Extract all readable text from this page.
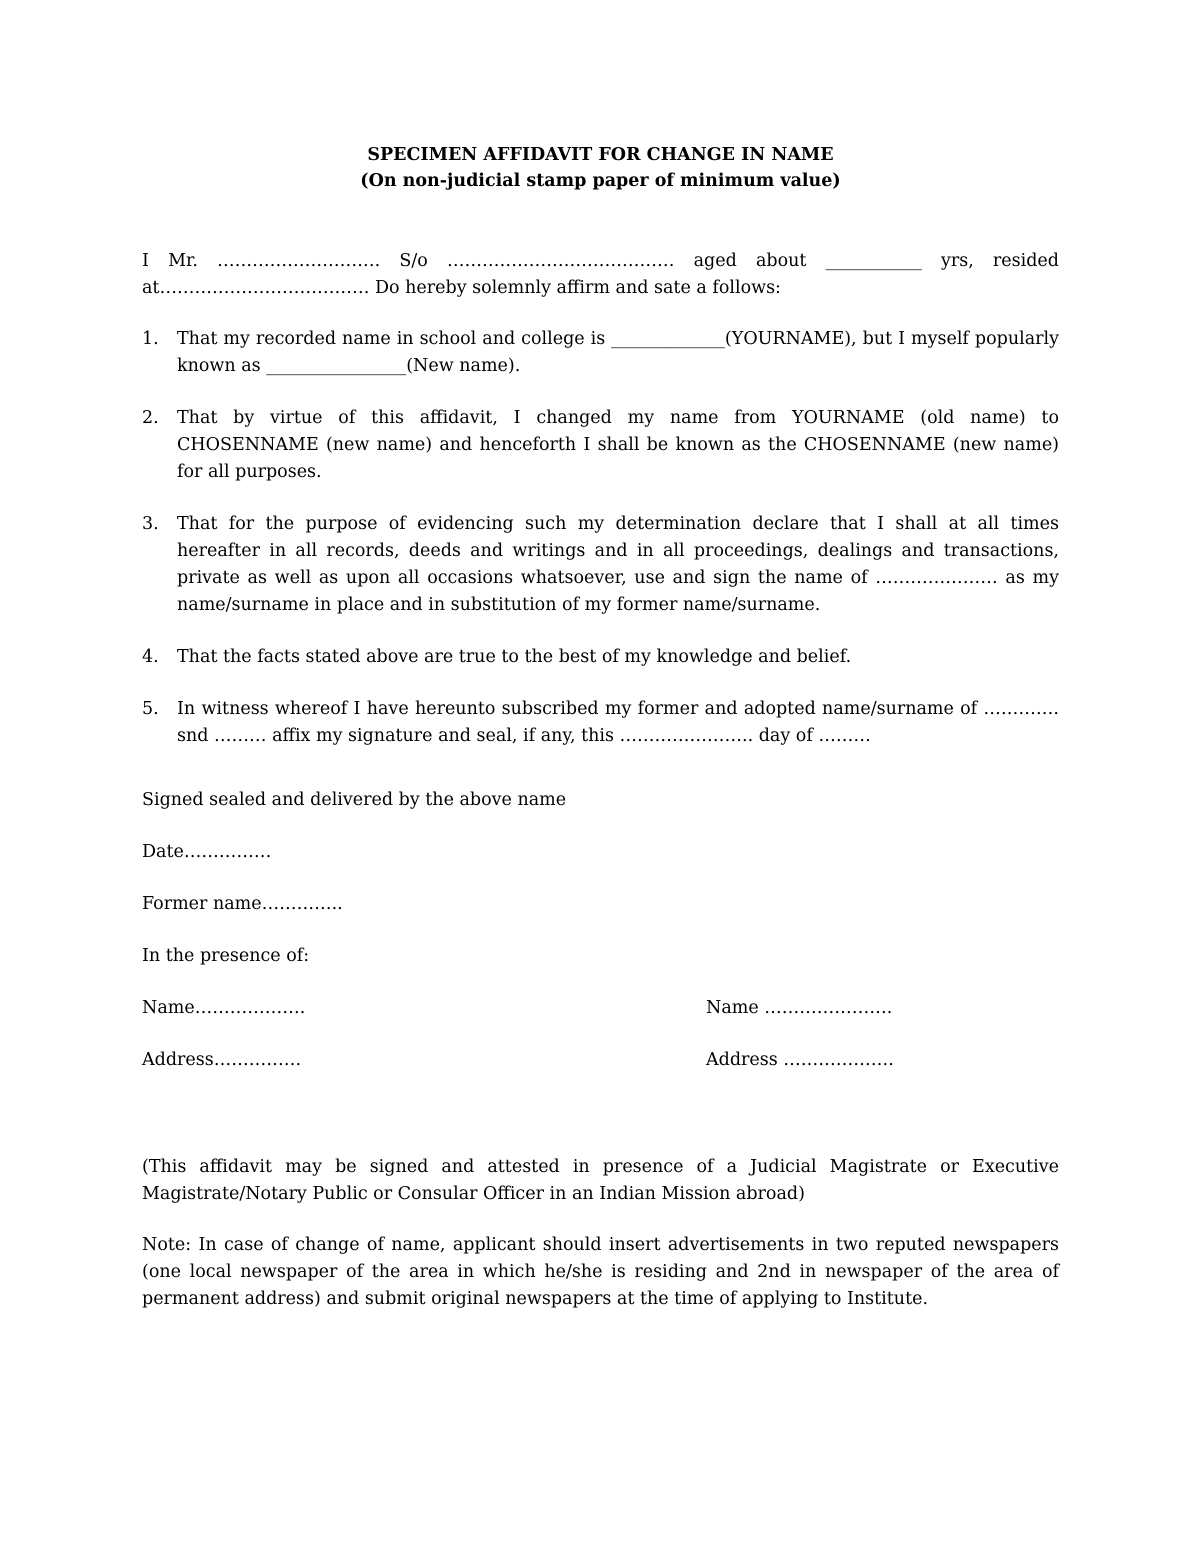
SPECIMEN AFFIDAVIT FOR CHANGE IN NAME
(On non-judicial stamp paper of minimum value)

I Mr. ………………………. S/o ………………………………… aged about ___________ yrs, resided at……………………………… Do hereby solemnly affirm and sate a follows:

1. That my recorded name in school and college is _____________(YOURNAME), but I myself popularly known as ________________(New name).
2. That by virtue of this affidavit, I changed my name from YOURNAME (old name) to CHOSENNAME (new name) and henceforth I shall be known as the CHOSENNAME (new name) for all purposes.
3. That for the purpose of evidencing such my determination declare that I shall at all times hereafter in all records, deeds and writings and in all proceedings, dealings and transactions, private as well as upon all occasions whatsoever, use and sign the name of ………………… as my name/surname in place and in substitution of my former name/surname.
4. That the facts stated above are true to the best of my knowledge and belief.
5. In witness whereof I have hereunto subscribed my former and adopted name/surname of …………. snd ……… affix my signature and seal, if any, this ………………….. day of ………

Signed sealed and delivered by the above name

Date……………

Former name…………..

In the presence of:

Name……………….	Name ………………….
Address……………	Address ……………….

(This affidavit may be signed and attested in presence of a Judicial Magistrate or Executive Magistrate/Notary Public or Consular Officer in an Indian Mission abroad)

Note: In case of change of name, applicant should insert advertisements in two reputed newspapers (one local newspaper of the area in which he/she is residing and 2nd in newspaper of the area of permanent address) and submit original newspapers at the time of applying to Institute.
